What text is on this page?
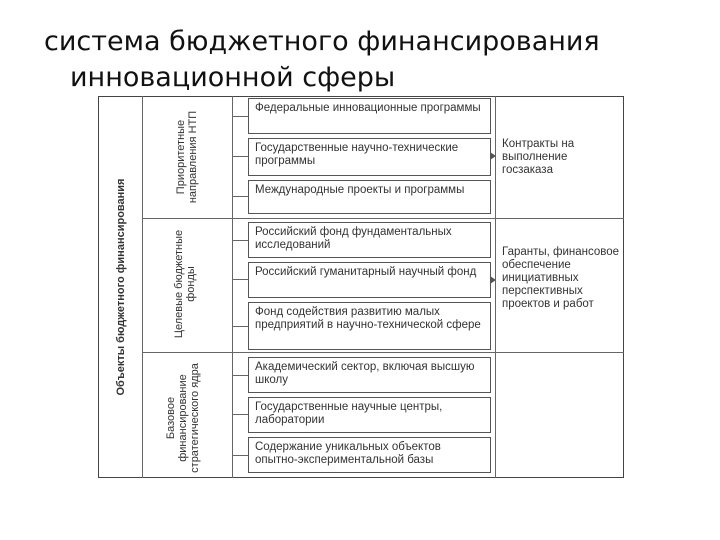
система бюджетного финансирования
инновационной сферы
Объекты бюджетного финансирования
Приоритетные направления НТП
Целевые бюджетные фонды
Базовое финансирование стратегического ядра
Федеральные инновационные программы
Государственные научно-технические программы
Международные проекты и программы
Российский фонд фундаментальных исследований
Российский гуманитарный научный фонд
Фонд содействия развитию малых предприятий в научно-технической сфере
Академический сектор, включая высшую школу
Государственные научные центры, лаборатории
Содержание уникальных объектов опытно-экспериментальной базы
Контракты на выполнение госзаказа
Гаранты, финансовое обеспечение инициативных перспективных проектов и работ
